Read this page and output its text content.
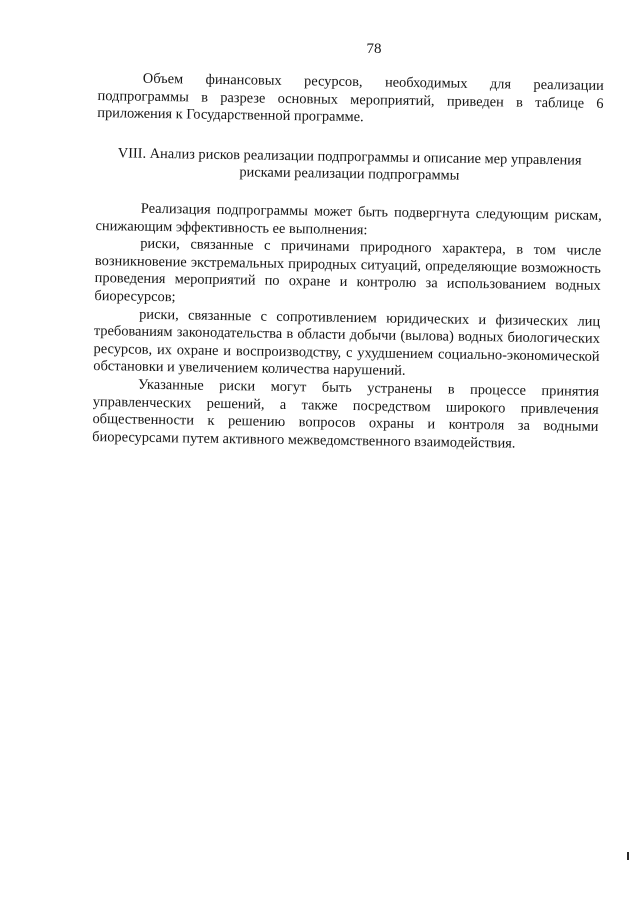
78

Объем финансовых ресурсов, необходимых для реализации подпрограммы в разрезе основных мероприятий, приведен в таблице 6 приложения к Государственной программе.

VIII. Анализ рисков реализации подпрограммы и описание мер управления рисками реализации подпрограммы

Реализация подпрограммы может быть подвергнута следующим рискам, снижающим эффективность ее выполнения:

риски, связанные с причинами природного характера, в том числе возникновение экстремальных природных ситуаций, определяющие возможность проведения мероприятий по охране и контролю за использованием водных биоресурсов;

риски, связанные с сопротивлением юридических и физических лиц требованиям законодательства в области добычи (вылова) водных биологических ресурсов, их охране и воспроизводству, с ухудшением социально-экономической обстановки и увеличением количества нарушений.

Указанные риски могут быть устранены в процессе принятия управленческих решений, а также посредством широкого привлечения общественности к решению вопросов охраны и контроля за водными биоресурсами путем активного межведомственного взаимодействия.
